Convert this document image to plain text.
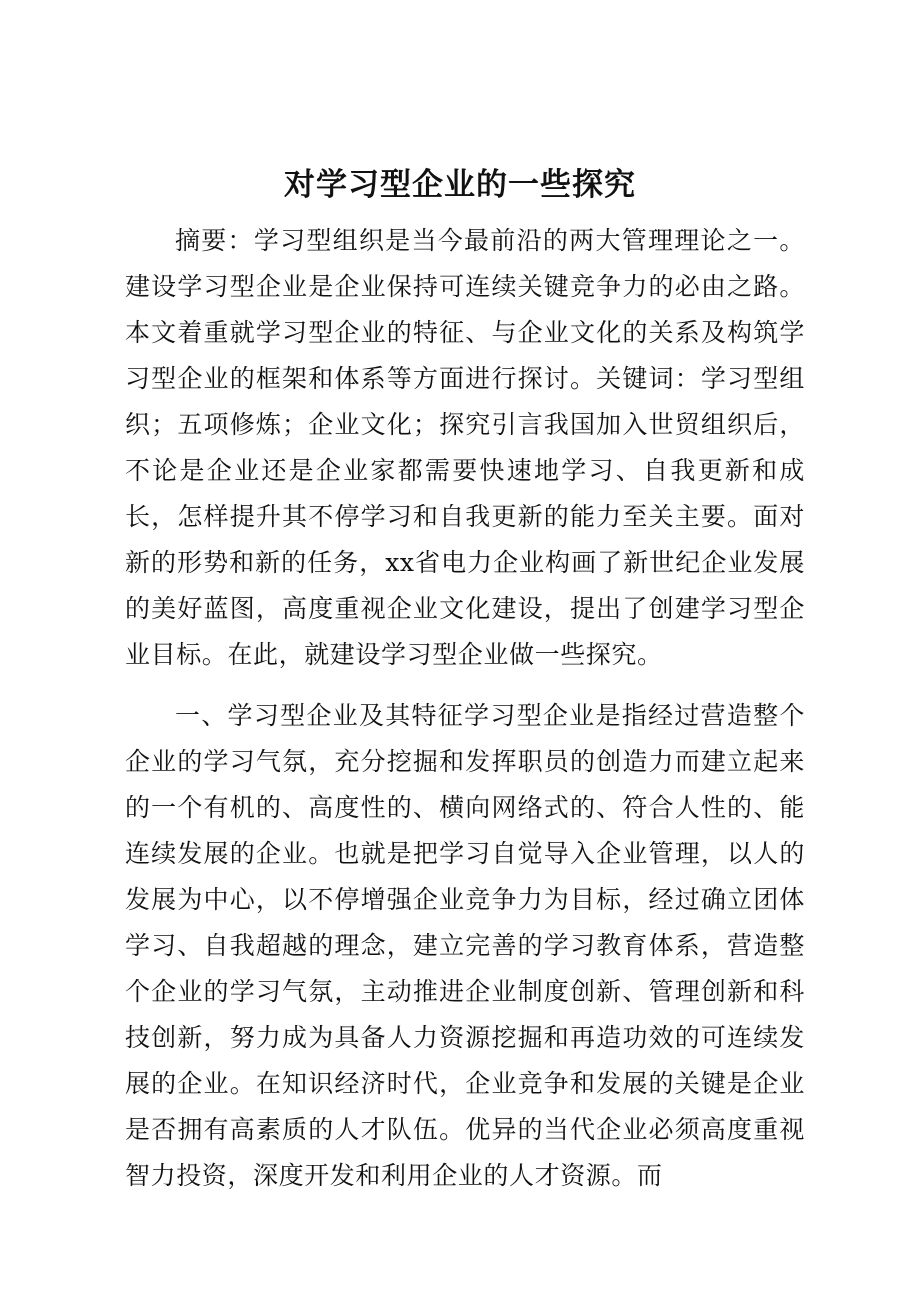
对学习型企业的一些探究

摘要：学习型组织是当今最前沿的两大管理理论之一。建设学习型企业是企业保持可连续关键竞争力的必由之路。本文着重就学习型企业的特征、与企业文化的关系及构筑学习型企业的框架和体系等方面进行探讨。关键词：学习型组织；五项修炼；企业文化；探究引言我国加入世贸组织后，不论是企业还是企业家都需要快速地学习、自我更新和成长，怎样提升其不停学习和自我更新的能力至关主要。面对新的形势和新的任务，xx省电力企业构画了新世纪企业发展的美好蓝图，高度重视企业文化建设，提出了创建学习型企业目标。在此，就建设学习型企业做一些探究。

一、学习型企业及其特征学习型企业是指经过营造整个企业的学习气氛，充分挖掘和发挥职员的创造力而建立起来的一个有机的、高度性的、横向网络式的、符合人性的、能连续发展的企业。也就是把学习自觉导入企业管理，以人的发展为中心，以不停增强企业竞争力为目标，经过确立团体学习、自我超越的理念，建立完善的学习教育体系，营造整个企业的学习气氛，主动推进企业制度创新、管理创新和科技创新，努力成为具备人力资源挖掘和再造功效的可连续发展的企业。在知识经济时代，企业竞争和发展的关键是企业是否拥有高素质的人才队伍。优异的当代企业必须高度重视智力投资，深度开发和利用企业的人才资源。而
